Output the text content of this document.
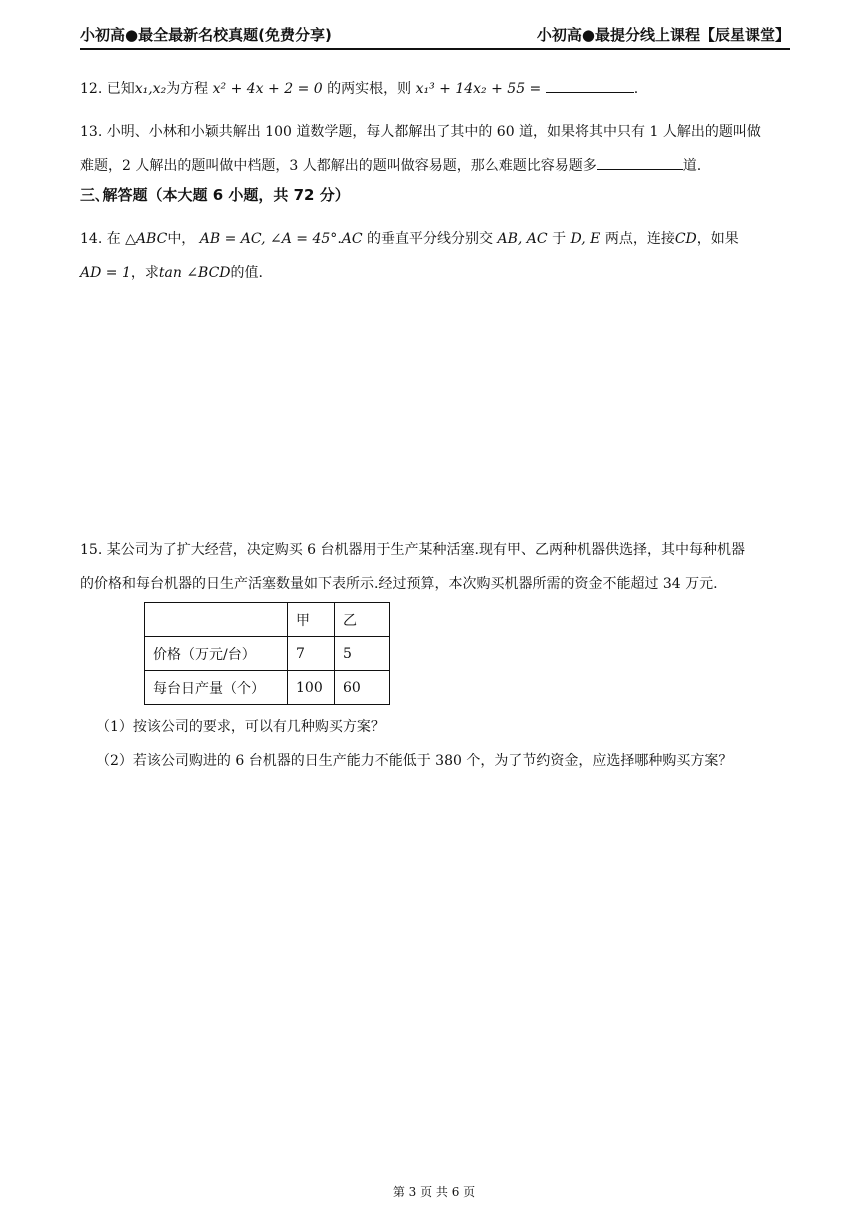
小初高●最全最新名校真题(免费分享)	小初高●最提分线上课程【辰星课堂】

12. 已知x₁,x₂为方程 x² + 4x + 2 = 0 的两实根，则 x₁³ + 14x₂ + 55 =	.

13. 小明、小林和小颖共解出 100 道数学题，每人都解出了其中的 60 道，如果将其中只有 1 人解出的题叫做

难题，2 人解出的题叫做中档题，3 人都解出的题叫做容易题，那么难题比容易题多	道.

三､解答题（本大题 6 小题，共 72 分）

14. 在 △ABC中， AB = AC, ∠A = 45°.AC 的垂直平分线分别交 AB, AC 于 D, E 两点，连接CD，如果

AD = 1，求tan ∠BCD的值.

15. 某公司为了扩大经营，决定购买 6 台机器用于生产某种活塞.现有甲、乙两种机器供选择，其中每种机器

的价格和每台机器的日生产活塞数量如下表所示.经过预算，本次购买机器所需的资金不能超过 34 万元.

	甲	乙
价格（万元/台）	7	5
每台日产量（个）	100	60
（1）按该公司的要求，可以有几种购买方案？
（2）若该公司购进的 6 台机器的日生产能力不能低于 380 个，为了节约资金，应选择哪种购买方案？
第 3 页 共 6 页
